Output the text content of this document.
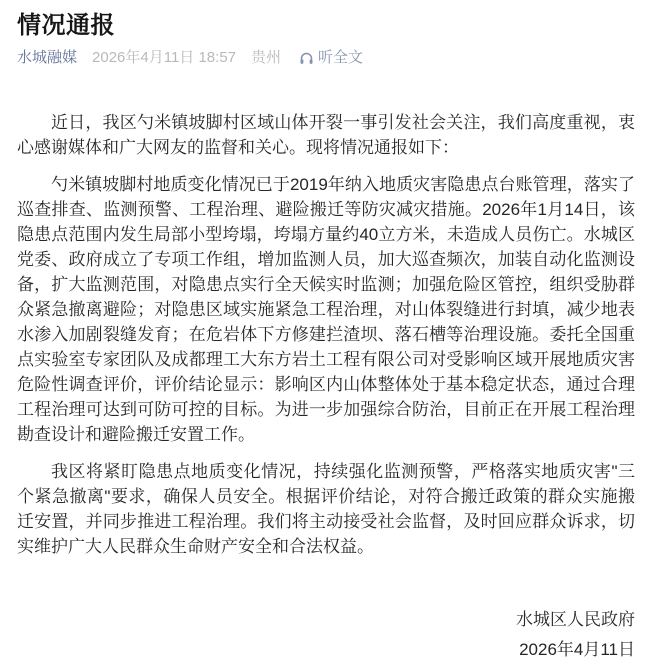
情况通报
水城融媒 2026年4月11日 18:57 贵州 听全文

近日，我区勺米镇坡脚村区域山体开裂一事引发社会关注，我们高度重视，衷心感谢媒体和广大网友的监督和关心。现将情况通报如下：

勺米镇坡脚村地质变化情况已于2019年纳入地质灾害隐患点台账管理，落实了巡查排查、监测预警、工程治理、避险搬迁等防灾减灾措施。2026年1月14日，该隐患点范围内发生局部小型垮塌，垮塌方量约40立方米，未造成人员伤亡。水城区党委、政府成立了专项工作组，增加监测人员，加大巡查频次，加装自动化监测设备，扩大监测范围，对隐患点实行全天候实时监测；加强危险区管控，组织受胁群众紧急撤离避险；对隐患区域实施紧急工程治理，对山体裂缝进行封填，减少地表水渗入加剧裂缝发育；在危岩体下方修建拦渣坝、落石槽等治理设施。委托全国重点实验室专家团队及成都理工大东方岩土工程有限公司对受影响区域开展地质灾害危险性调查评价，评价结论显示：影响区内山体整体处于基本稳定状态，通过合理工程治理可达到可防可控的目标。为进一步加强综合防治，目前正在开展工程治理勘查设计和避险搬迁安置工作。

我区将紧盯隐患点地质变化情况，持续强化监测预警，严格落实地质灾害"三个紧急撤离"要求，确保人员安全。根据评价结论，对符合搬迁政策的群众实施搬迁安置，并同步推进工程治理。我们将主动接受社会监督，及时回应群众诉求，切实维护广大人民群众生命财产安全和合法权益。

水城区人民政府
2026年4月11日
